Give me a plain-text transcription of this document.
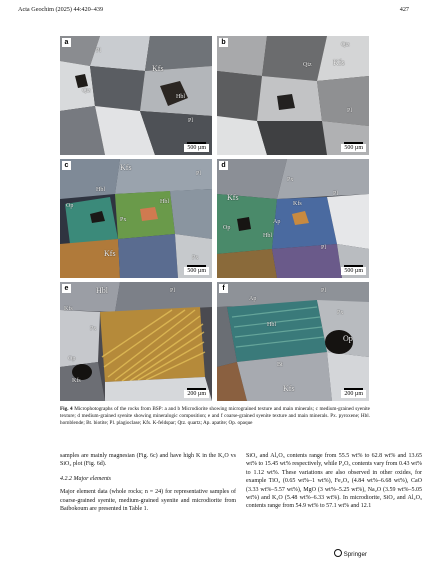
Acta Geochim (2025) 44:420–439	427
a
Pl
Kfs
Qtz
Hbl
Pl
500 µm
b	Qtz
Kfs
Qtz
Pl
500 µm
c	Kfs
Hbl
Op
Hbl
Pl
Px
Kfs	Px
500 µm
d
Kfs
Px
Pl
Op
Ap
Hbl
Kfs
Pl
500 µm
e	Hbl	Pl
Kfs
Px
Op
Kfs
200 µm
f
Ap
Pl
Hbl
Px
Op
Bt
Kfs
200 µm
Fig. 4 Microphotographs of the rocks from BSP: a and b Microdiorite showing micrograined texture and main minerals; c medium-grained syenite texture; d medium-grained syenite showing mineralogic composition; e and f coarse-grained syenite texture and main minerals. Px. pyroxene; Hbl. hornblende; Bt. biotite; Pl. plagioclase; Kfs. K-feldspar; Qtz. quartz; Ap. apatite; Op. opaque

samples are mainly magnesian (Fig. 6c) and have high K in the K₂O vs SiO₂ plot (Fig. 6d).

4.2.2 Major elements

Major element data (whole rocks; n = 24) for representative samples of coarse-grained syenite, medium-grained syenite and microdiorite from Baibokoum are presented in Table 1.

SiO₂ and Al₂O₃ contents range from 55.5 wt% to 62.8 wt% and 13.65 wt% to 15.45 wt% respectively, while P₂O₅ contents vary from 0.43 wt% to 1.12 wt%. These variations are also observed in other oxides, for example TiO₂ (0.65 wt%–1 wt%), Fe₂O₃ (4.84 wt%–6.68 wt%), CaO (3.33 wt%–5.57 wt%), MgO (3 wt%–5.25 wt%), Na₂O (3.59 wt%–5.05 wt%) and K₂O (5.48 wt%–6.33 wt%). In microdiorite, SiO₂ and Al₂O₃ contents range from 54.9 wt% to 57.1 wt% and 12.1

Springer
